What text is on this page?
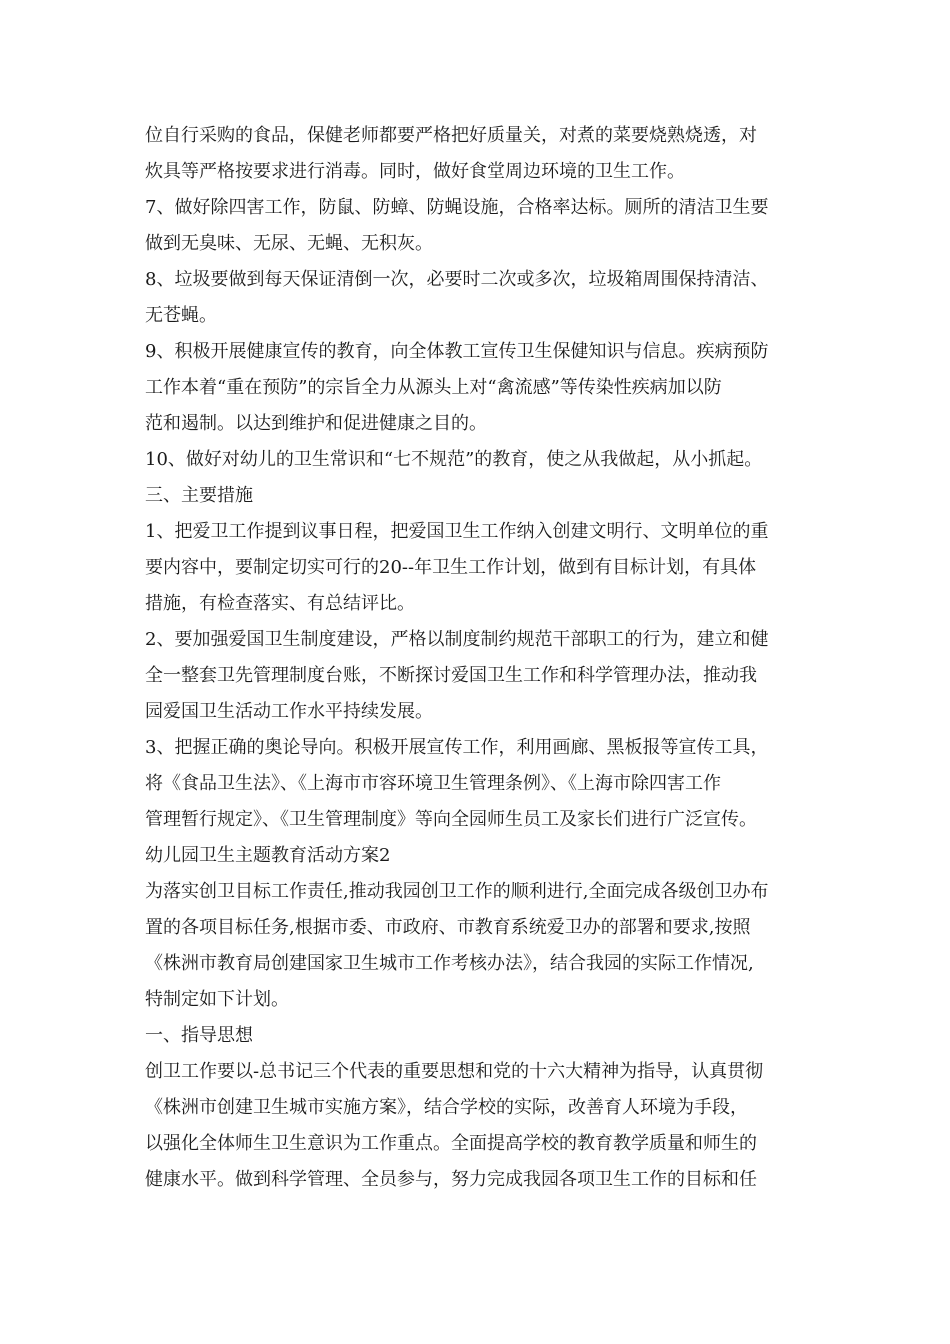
位自行采购的食品，保健老师都要严格把好质量关，对煮的菜要烧熟烧透，对
炊具等严格按要求进行消毒。同时，做好食堂周边环境的卫生工作。
7、做好除四害工作，防鼠、防蟑、防蝇设施，合格率达标。厕所的清洁卫生要
做到无臭味、无尿、无蝇、无积灰。
8、垃圾要做到每天保证清倒一次，必要时二次或多次，垃圾箱周围保持清洁、
无苍蝇。
9、积极开展健康宣传的教育，向全体教工宣传卫生保健知识与信息。疾病预防
工作本着“重在预防”的宗旨全力从源头上对“禽流感”等传染性疾病加以防
范和遏制。以达到维护和促进健康之目的。
10、做好对幼儿的卫生常识和“七不规范”的教育，使之从我做起，从小抓起。
三、主要措施
1、把爱卫工作提到议事日程，把爱国卫生工作纳入创建文明行、文明单位的重
要内容中，要制定切实可行的20--年卫生工作计划，做到有目标计划，有具体
措施，有检查落实、有总结评比。
2、要加强爱国卫生制度建设，严格以制度制约规范干部职工的行为，建立和健
全一整套卫先管理制度台账，不断探讨爱国卫生工作和科学管理办法，推动我
园爱国卫生活动工作水平持续发展。
3、把握正确的奥论导向。积极开展宣传工作，利用画廊、黑板报等宣传工具，
将《食品卫生法》、《上海市市容环境卫生管理条例》、《上海市除四害工作
管理暂行规定》、《卫生管理制度》等向全园师生员工及家长们进行广泛宣传。
幼儿园卫生主题教育活动方案2
为落实创卫目标工作责任,推动我园创卫工作的顺利进行,全面完成各级创卫办布
置的各项目标任务,根据市委、市政府、市教育系统爱卫办的部署和要求,按照
《株洲市教育局创建国家卫生城市工作考核办法》，结合我园的实际工作情况,
特制定如下计划。
一、指导思想
创卫工作要以-总书记三个代表的重要思想和党的十六大精神为指导，认真贯彻
《株洲市创建卫生城市实施方案》，结合学校的实际，改善育人环境为手段，
以强化全体师生卫生意识为工作重点。全面提高学校的教育教学质量和师生的
健康水平。做到科学管理、全员参与，努力完成我园各项卫生工作的目标和任
